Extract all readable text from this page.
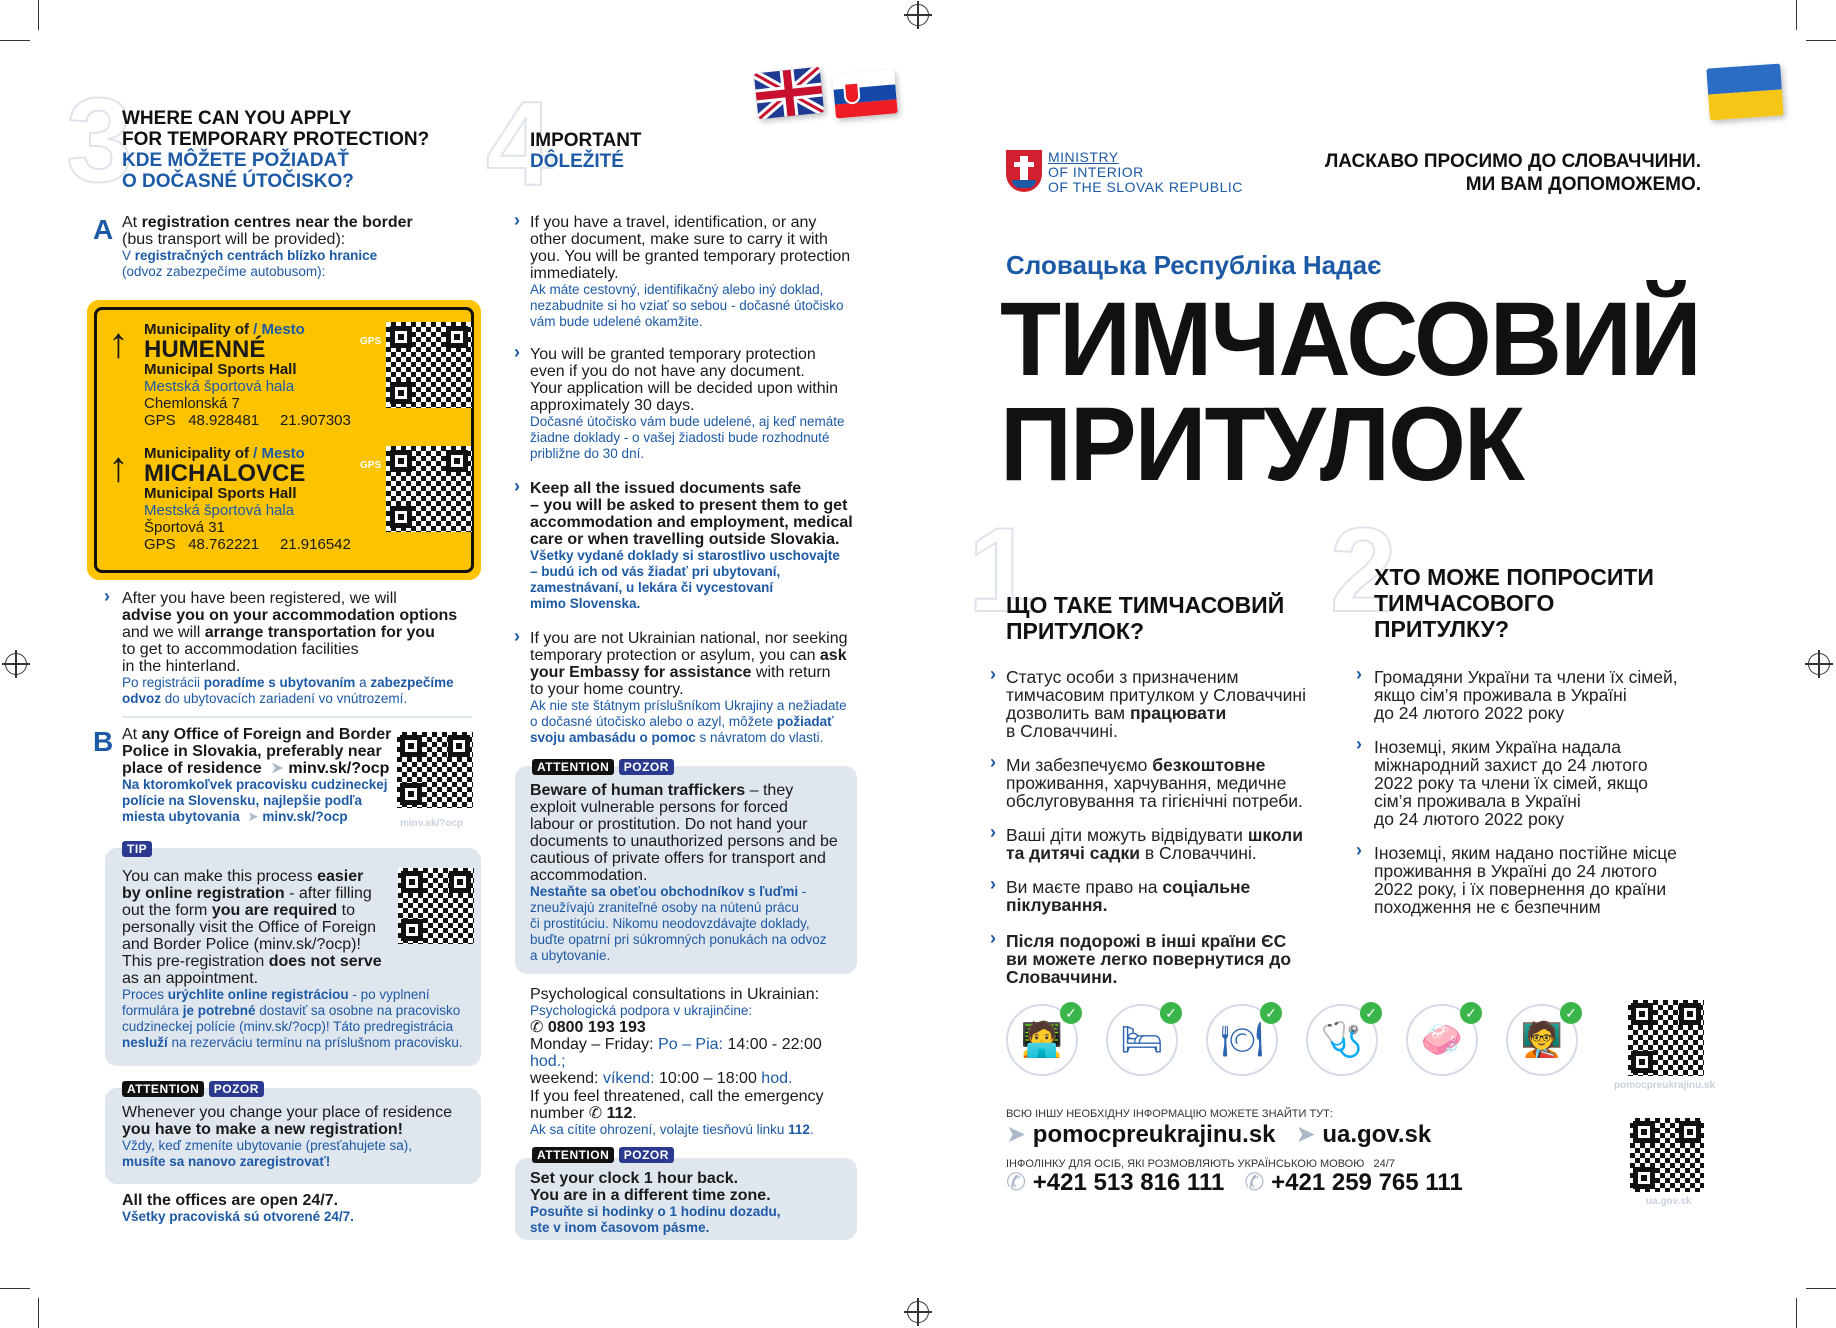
3
WHERE CAN YOU APPLY
FOR TEMPORARY PROTECTION?
KDE MÔŽETE POŽIADAŤ
O DOČASNÉ ÚTOČISKO?
A At registration centres near the border
(bus transport will be provided):
V registračných centrách blízko hranice
(odvoz zabezpečíme autobusom):
↑ Municipality of / Mesto
HUMENNÉ
Municipal Sports Hall
Mestská športová hala
Chemlonská 7
GPS 48.928481 21.907303
GPS
↑ Municipality of / Mesto
MICHALOVCE
Municipal Sports Hall
Mestská športová hala
Športová 31
GPS 48.762221 21.916542
GPS
› After you have been registered, we will
advise you on your accommodation options
and we will arrange transportation for you
to get to accommodation facilities
in the hinterland.
Po registrácii poradíme s ubytovaním a zabezpečíme
odvoz do ubytovacích zariadení vo vnútrozemí.
B At any Office of Foreign and Border
Police in Slovakia, preferably near
place of residence ➤ minv.sk/?ocp
Na ktoromkoľvek pracovisku cudzineckej
polície na Slovensku, najlepšie podľa
miesta ubytovania ➤ minv.sk/?ocp	minv.sk/?ocp
TIP
You can make this process easier
by online registration - after filling
out the form you are required to
personally visit the Office of Foreign
and Border Police (minv.sk/?ocp)!
This pre-registration does not serve
as an appointment.
Proces urýchlite online registráciou - po vyplnení
formulára je potrebné dostaviť sa osobne na pracovisko
cudzineckej polície (minv.sk/?ocp)! Táto predregistrácia
nesluží na rezerváciu termínu na príslušnom pracovisku.
ATTENTION POZOR
Whenever you change your place of residence
you have to make a new registration!
Vždy, keď zmeníte ubytovanie (presťahujete sa),
musíte sa nanovo zaregistrovať!
All the offices are open 24/7.
Všetky pracoviská sú otvorené 24/7.
4
IMPORTANT
DÔLEŽITÉ
› If you have a travel, identification, or any
other document, make sure to carry it with
you. You will be granted temporary protection
immediately.
Ak máte cestovný, identifikačný alebo iný doklad,
nezabudnite si ho vziať so sebou - dočasné útočisko
vám bude udelené okamžite.
› You will be granted temporary protection
even if you do not have any document.
Your application will be decided upon within
approximately 30 days.
Dočasné útočisko vám bude udelené, aj keď nemáte
žiadne doklady - o vašej žiadosti bude rozhodnuté
približne do 30 dní.
› Keep all the issued documents safe
– you will be asked to present them to get
accommodation and employment, medical
care or when travelling outside Slovakia.
Všetky vydané doklady si starostlivo uschovajte
– budú ich od vás žiadať pri ubytovaní,
zamestnávaní, u lekára či vycestovaní
mimo Slovenska.
› If you are not Ukrainian national, nor seeking
temporary protection or asylum, you can ask
your Embassy for assistance with return
to your home country.
Ak nie ste štátnym príslušníkom Ukrajiny a nežiadate
o dočasné útočisko alebo o azyl, môžete požiadať
svoju ambasádu o pomoc s návratom do vlasti.
ATTENTION POZOR
Beware of human traffickers – they
exploit vulnerable persons for forced
labour or prostitution. Do not hand your
documents to unauthorized persons and be
cautious of private offers for transport and
accommodation.
Nestaňte sa obeťou obchodníkov s ľuďmi -
zneužívajú zraniteľné osoby na nútenú prácu
či prostitúciu. Nikomu neodovzdávajte doklady,
buďte opatrní pri súkromných ponukách na odvoz
a ubytovanie.
Psychological consultations in Ukrainian:
Psychologická podpora v ukrajinčine:
✆ 0800 193 193
Monday – Friday: Po – Pia: 14:00 - 22:00 hod.;
weekend: víkend: 10:00 – 18:00 hod.
If you feel threatened, call the emergency
number ✆ 112.
Ak sa cítite ohrození, volajte tiesňovú linku 112.
ATTENTION POZOR
Set your clock 1 hour back.
You are in a different time zone.
Posuňte si hodinky o 1 hodinu dozadu,
ste v inom časovom pásme.
MINISTRY
OF INTERIOR
OF THE SLOVAK REPUBLIC
ЛАСКАВО ПРОСИМО ДО СЛОВАЧЧИНИ.
МИ ВАМ ДОПОМОЖЕМО.
Словацька Республіка Надає
ТИМЧАСОВИЙ
ПРИТУЛОК
1
ЩО ТАКЕ ТИМЧАСОВИЙ
ПРИТУЛОК?
› Статус особи з призначеним
тимчасовим притулком у Словаччині
дозволить вам працювати
в Словаччині.
› Ми забезпечуємо безкоштовне
проживання, харчування, медичне
обслуговування та гігієнічні потреби.
› Ваші діти можуть відвідувати школи
та дитячі садки в Словаччині.
› Ви маєте право на соціальне
піклування.
› Після подорожі в інші країни ЄС
ви можете легко повернутися до
Словаччини.
2
ХТО МОЖЕ ПОПРОСИТИ
ТИМЧАСОВОГО
ПРИТУЛКУ?
› Громадяни України та члени їх сімей,
якщо сім’я проживала в Україні
до 24 лютого 2022 року
› Іноземці, яким Україна надала
міжнародний захист до 24 лютого
2022 року та члени їх сімей, якщо
сім’я проживала в Україні
до 24 лютого 2022 року
› Іноземці, яким надано постійне місце
проживання в Україні до 24 лютого
2022 року, і їх повернення до країни
походження не є безпечним
🧑‍💻
✓
🛏
✓
🍽
✓
🩺
✓
🧼
✓
🧑‍🏫
✓
pomocpreukrajinu.sk
ВСЮ ІНШУ НЕОБХІДНУ ІНФОРМАЦІЮ МОЖЕТЕ ЗНАЙТИ ТУТ:
➤ pomocpreukrajinu.sk ➤ ua.gov.sk
ІНФОЛІНКУ ДЛЯ ОСІБ, ЯКІ РОЗМОВЛЯЮТЬ УКРАЇНСЬКОЮ МОВОЮ   24/7
✆ +421 513 816 111 ✆ +421 259 765 111
ua.gov.sk
